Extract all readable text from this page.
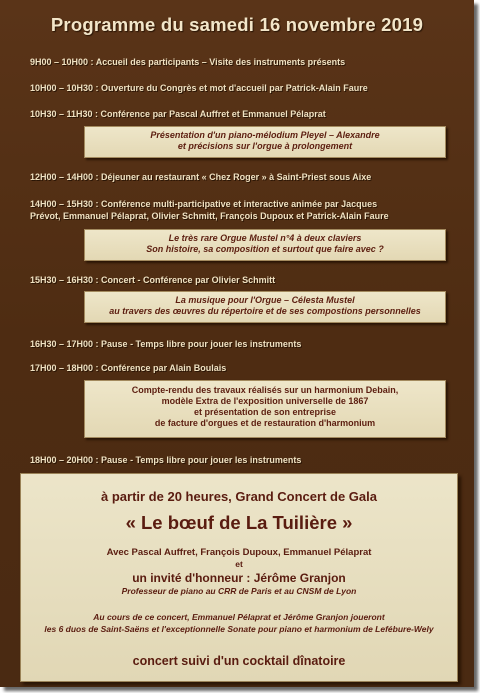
Programme du samedi 16 novembre 2019
9H00 – 10H00 : Accueil des participants – Visite des instruments présents
10H00 – 10H30 : Ouverture du Congrès et mot d'accueil par Patrick-Alain Faure
10H30 – 11H30 : Conférence par Pascal Auffret et Emmanuel Pélaprat
Présentation d'un piano-mélodium Pleyel – Alexandre
et précisions sur l'orgue à prolongement
12H00 – 14H00 : Déjeuner au restaurant « Chez Roger » à Saint-Priest sous Aixe
14H00 – 15H30 : Conférence multi-participative et interactive animée par Jacques
Prévot, Emmanuel Pélaprat, Olivier Schmitt, François Dupoux et Patrick-Alain Faure
Le très rare Orgue Mustel n°4 à deux claviers
Son histoire, sa composition et surtout que faire avec ?
15H30 – 16H30 : Concert - Conférence par Olivier Schmitt
La musique pour l'Orgue – Célesta Mustel
au travers des œuvres du répertoire et de ses compostions personnelles
16H30 – 17H00 : Pause - Temps libre pour jouer les instruments
17H00 – 18H00 : Conférence par Alain Boulais
Compte-rendu des travaux réalisés sur un harmonium Debain,
modèle Extra de l'exposition universelle de 1867
et présentation de son entreprise
de facture d'orgues et de restauration d'harmonium
18H00 – 20H00 : Pause - Temps libre pour jouer les instruments
à partir de 20 heures, Grand Concert de Gala
« Le bœuf de La Tuilière »
Avec Pascal Auffret, François Dupoux, Emmanuel Pélaprat
et
un invité d'honneur : Jérôme Granjon
Professeur de piano au CRR de Paris et au CNSM de Lyon
Au cours de ce concert, Emmanuel Pélaprat et Jérôme Granjon joueront
les 6 duos de Saint-Saëns et l'exceptionnelle Sonate pour piano et harmonium de Lefébure-Wely
concert suivi d'un cocktail dînatoire
